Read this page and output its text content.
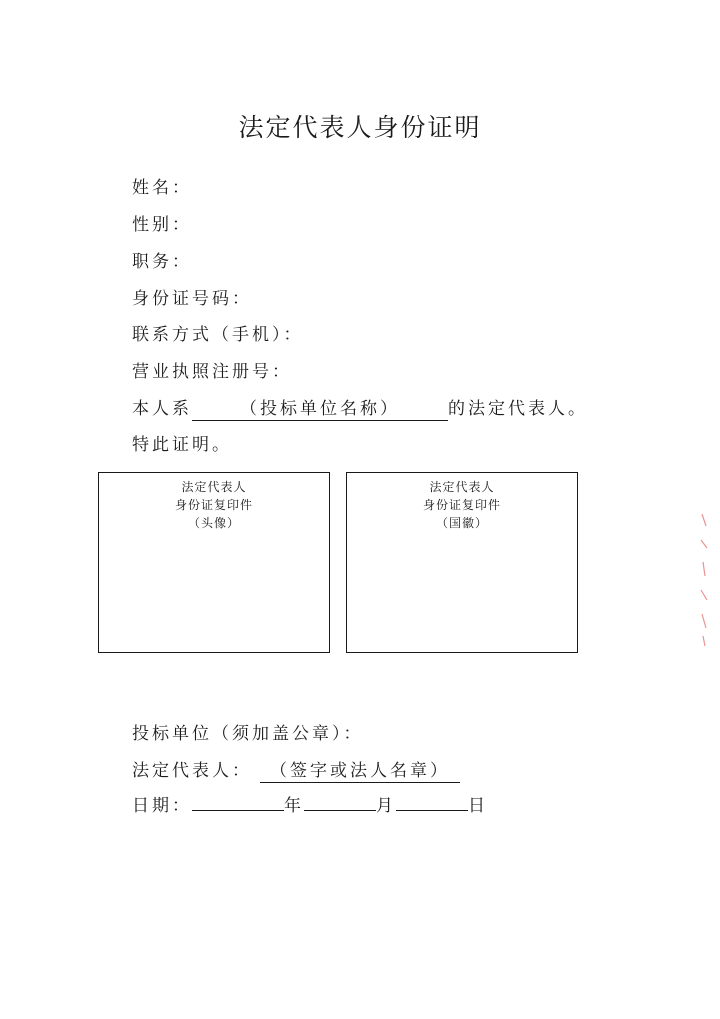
法定代表人身份证明
姓名：
性别：
职务：
身份证号码：
联系方式（手机）：
营业执照注册号：
本人系	（投标单位名称）	的法定代表人。
特此证明。
法定代表人
身份证复印件
（头像）
法定代表人
身份证复印件
（国徽）
投标单位（须加盖公章）：
法定代表人： （签字或法人名章）
日期：	年	月	日
